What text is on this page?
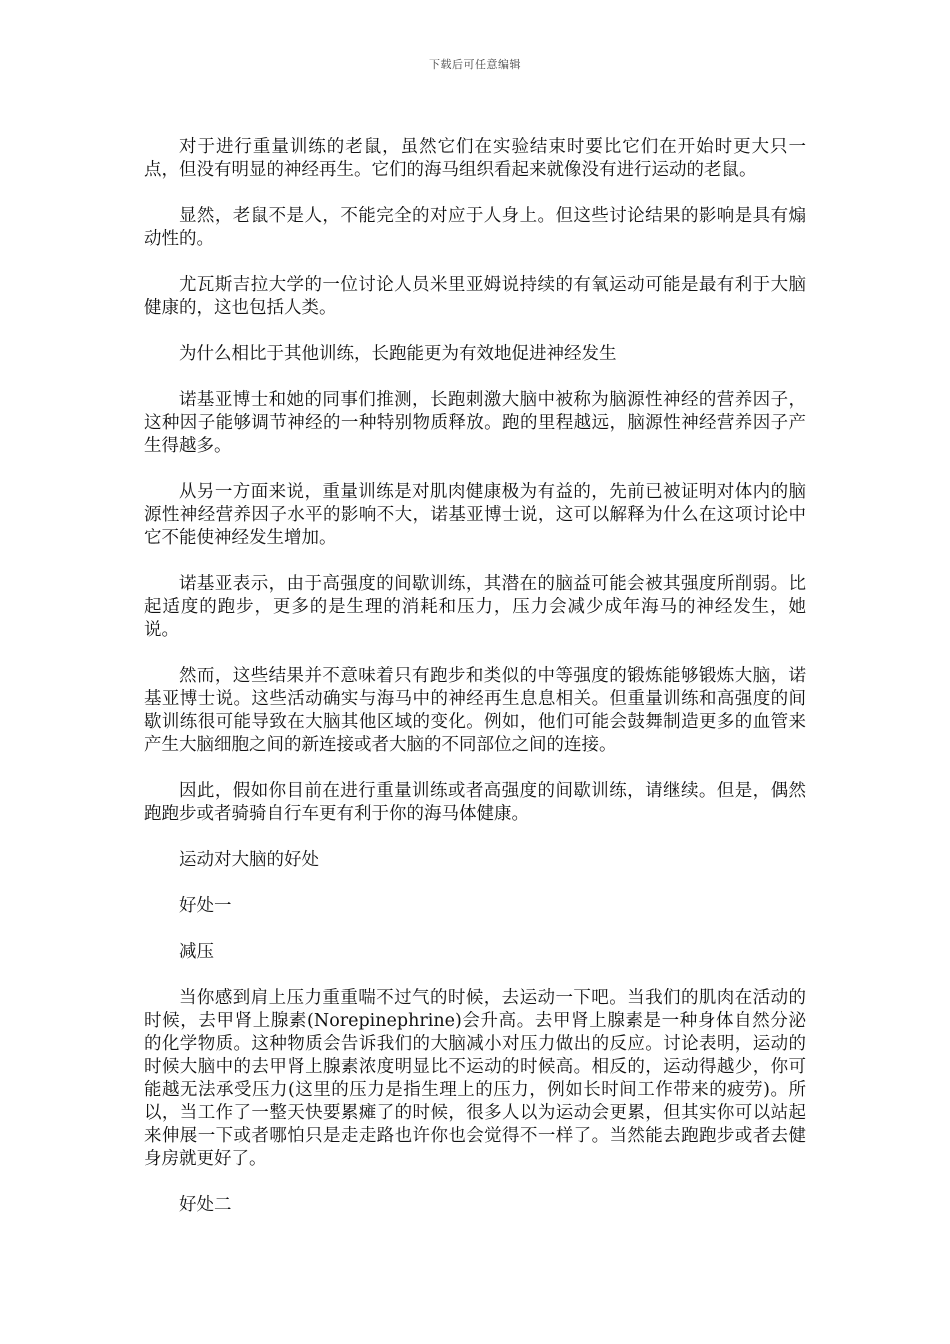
下载后可任意编辑

对于进行重量训练的老鼠，虽然它们在实验结束时要比它们在开始时更大只一点，但没有明显的神经再生。它们的海马组织看起来就像没有进行运动的老鼠。

显然，老鼠不是人，不能完全的对应于人身上。但这些讨论结果的影响是具有煽动性的。

尤瓦斯吉拉大学的一位讨论人员米里亚姆说持续的有氧运动可能是最有利于大脑健康的，这也包括人类。

为什么相比于其他训练，长跑能更为有效地促进神经发生

诺基亚博士和她的同事们推测，长跑刺激大脑中被称为脑源性神经的营养因子，这种因子能够调节神经的一种特别物质释放。跑的里程越远，脑源性神经营养因子产生得越多。

从另一方面来说，重量训练是对肌肉健康极为有益的，先前已被证明对体内的脑源性神经营养因子水平的影响不大，诺基亚博士说，这可以解释为什么在这项讨论中它不能使神经发生增加。

诺基亚表示，由于高强度的间歇训练，其潜在的脑益可能会被其强度所削弱。比起适度的跑步，更多的是生理的消耗和压力，压力会减少成年海马的神经发生，她说。

然而，这些结果并不意味着只有跑步和类似的中等强度的锻炼能够锻炼大脑，诺基亚博士说。这些活动确实与海马中的神经再生息息相关。但重量训练和高强度的间歇训练很可能导致在大脑其他区域的变化。例如，他们可能会鼓舞制造更多的血管来产生大脑细胞之间的新连接或者大脑的不同部位之间的连接。

因此，假如你目前在进行重量训练或者高强度的间歇训练，请继续。但是，偶然跑跑步或者骑骑自行车更有利于你的海马体健康。

运动对大脑的好处

好处一

减压

当你感到肩上压力重重喘不过气的时候，去运动一下吧。当我们的肌肉在活动的时候，去甲肾上腺素(Norepinephrine)会升高。去甲肾上腺素是一种身体自然分泌的化学物质。这种物质会告诉我们的大脑减小对压力做出的反应。讨论表明，运动的时候大脑中的去甲肾上腺素浓度明显比不运动的时候高。相反的，运动得越少，你可能越无法承受压力(这里的压力是指生理上的压力，例如长时间工作带来的疲劳)。所以，当工作了一整天快要累瘫了的时候，很多人以为运动会更累，但其实你可以站起来伸展一下或者哪怕只是走走路也许你也会觉得不一样了。当然能去跑跑步或者去健身房就更好了。

好处二
